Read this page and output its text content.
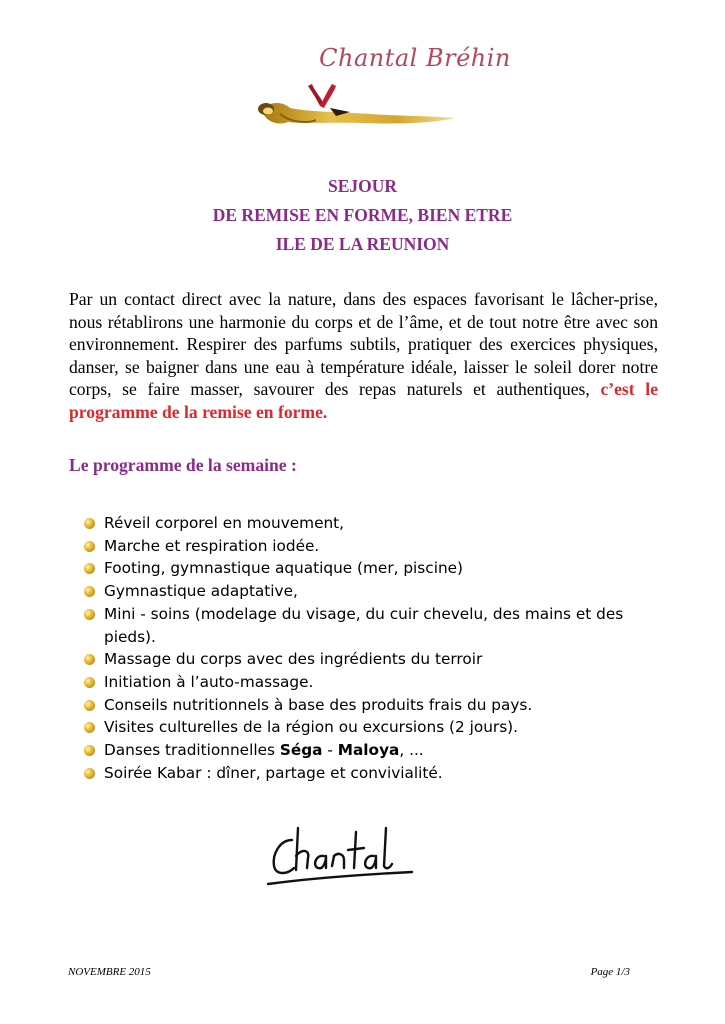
Chantal Bréhin
SEJOUR
DE REMISE EN FORME, BIEN ETRE
ILE DE LA REUNION

Par un contact direct avec la nature, dans des espaces favorisant le lâcher-prise, nous rétablirons une harmonie du corps et de l’âme, et de tout notre être avec son environnement. Respirer des parfums subtils, pratiquer des exercices physiques, danser, se baigner dans une eau à température idéale, laisser le soleil dorer notre corps, se faire masser, savourer des repas naturels et authentiques, c’est le programme de la remise en forme.

Le programme de la semaine :
Réveil corporel en mouvement,
Marche et respiration iodée.
Footing, gymnastique aquatique (mer, piscine)
Gymnastique adaptative,
Mini - soins (modelage du visage, du cuir chevelu, des mains et des pieds).
Massage du corps avec des ingrédients du terroir
Initiation à l’auto-massage.
Conseils nutritionnels à base des produits frais du pays.
Visites culturelles de la région ou excursions (2 jours).
Danses traditionnelles Séga - Maloya, ...
Soirée Kabar : dîner, partage et convivialité.
NOVEMBRE 2015	Page 1/3
